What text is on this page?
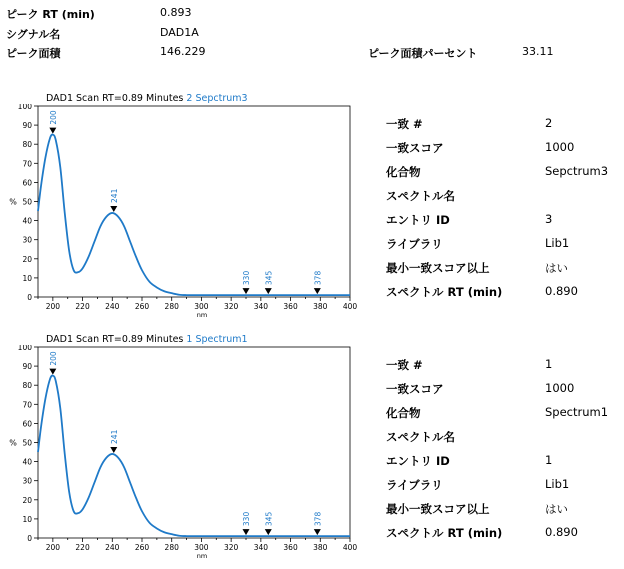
ピーク RT (min)	0.893
シグナル名	DAD1A
ピーク面積	146.229	ピーク面積パーセント	33.11
DAD1 Scan RT=0.89 Minutes 2 Sepctrum3
0
10
20
30
40
50
60
70
80
90
100
%
200 220 240 260 280 300 320 340 360 380 400
nm
200
241
330 345	378
一致 #	2
一致スコア	1000
化合物	Sepctrum3
スペクトル名
エントリ ID	3
ライブラリ	Lib1
最小一致スコア以上	はい
スペクトル RT (min)	0.890
DAD1 Scan RT=0.89 Minutes 1 Spectrum1
0
10
20
30
40
50
60
70
80
90
100
%
200 220 240 260 280 300 320 340 360 380 400
nm
200
241
330 345	378
一致 #	1
一致スコア	1000
化合物	Spectrum1
スペクトル名
エントリ ID	1
ライブラリ	Lib1
最小一致スコア以上	はい
スペクトル RT (min)	0.890
